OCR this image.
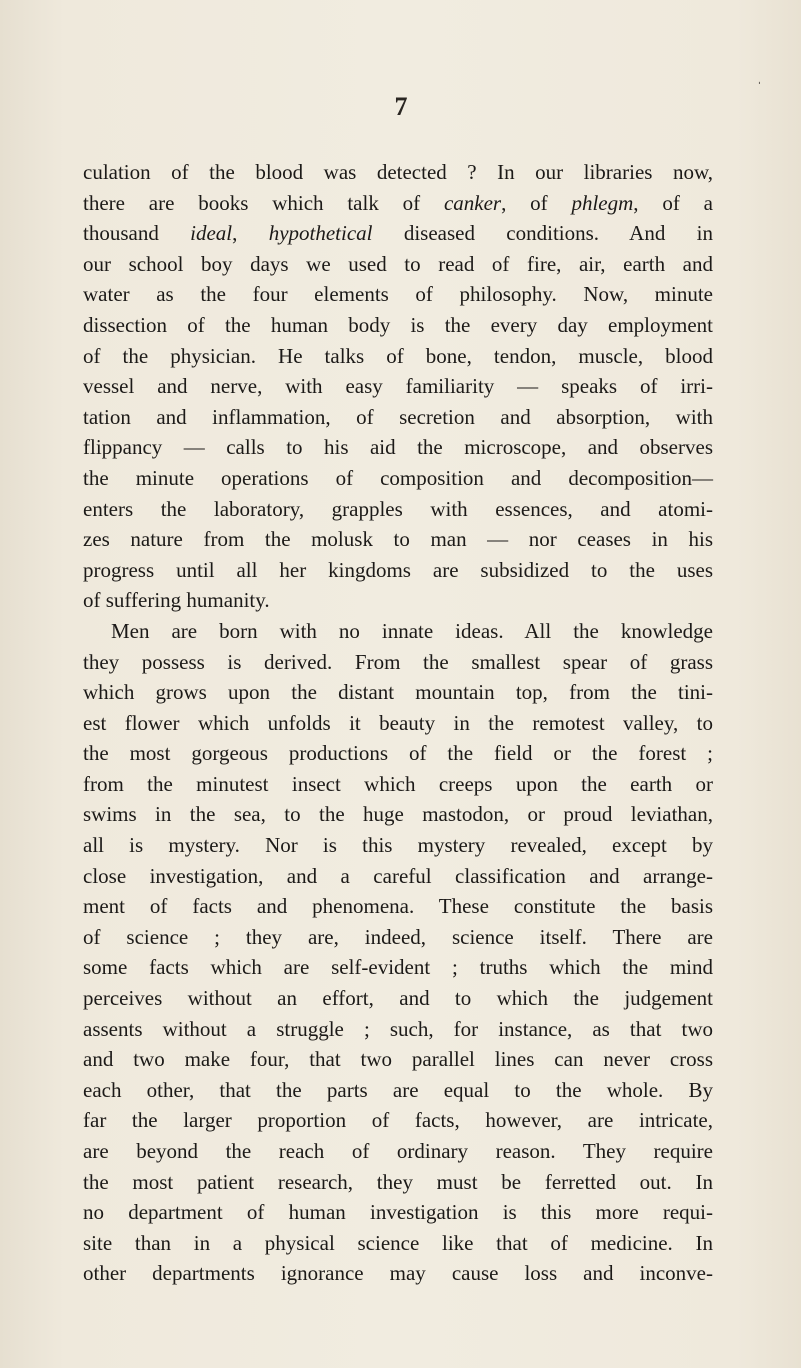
ˌ
7
culation of the blood was detected ? In our libraries now,
there are books which talk of canker, of phlegm, of a
thousand ideal, hypothetical diseased conditions. And in
our school boy days we used to read of fire, air, earth and
water as the four elements of philosophy. Now, minute
dissection of the human body is the every day employment
of the physician. He talks of bone, tendon, muscle, blood
vessel and nerve, with easy familiarity — speaks of irri-
tation and inflammation, of secretion and absorption, with
flippancy — calls to his aid the microscope, and observes
the minute operations of composition and decomposition—
enters the laboratory, grapples with essences, and atomi-
zes nature from the molusk to man — nor ceases in his
progress until all her kingdoms are subsidized to the uses
of suffering humanity.
Men are born with no innate ideas. All the knowledge
they possess is derived. From the smallest spear of grass
which grows upon the distant mountain top, from the tini-
est flower which unfolds it beauty in the remotest valley, to
the most gorgeous productions of the field or the forest ;
from the minutest insect which creeps upon the earth or
swims in the sea, to the huge mastodon, or proud leviathan,
all is mystery. Nor is this mystery revealed, except by
close investigation, and a careful classification and arrange-
ment of facts and phenomena. These constitute the basis
of science ; they are, indeed, science itself. There are
some facts which are self-evident ; truths which the mind
perceives without an effort, and to which the judgement
assents without a struggle ; such, for instance, as that two
and two make four, that two parallel lines can never cross
each other, that the parts are equal to the whole. By
far the larger proportion of facts, however, are intricate,
are beyond the reach of ordinary reason. They require
the most patient research, they must be ferretted out. In
no department of human investigation is this more requi-
site than in a physical science like that of medicine. In
other departments ignorance may cause loss and inconve-
